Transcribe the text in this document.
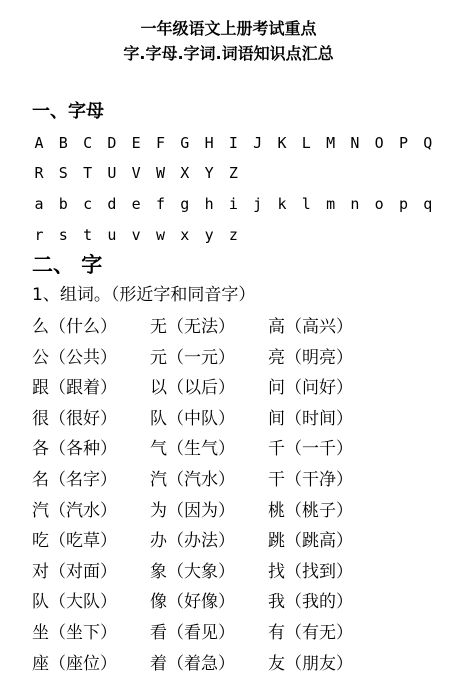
一年级语文上册考试重点
字.字母.字词.词语知识点汇总
一、字母
A B C D E F G H I J K L M N O P Q
R S T U V W X Y Z
a b c d e f g h i j k l m n o p q
r s t u v w x y z
二、 字
1、组词。（形近字和同音字）
么（什么） 无（无法） 高（高兴）
公（公共） 元（一元） 亮（明亮）
跟（跟着） 以（以后） 问（问好）
很（很好） 队（中队） 间（时间）
各（各种） 气（生气） 千（一千）
名（名字） 汽（汽水） 干（干净）
汽（汽水） 为（因为） 桃（桃子）
吃（吃草） 办（办法） 跳（跳高）
对（对面） 象（大象） 找（找到）
队（大队） 像（好像） 我（我的）
坐（坐下） 看（看见） 有（有无）
座（座位） 着（着急） 友（朋友）
